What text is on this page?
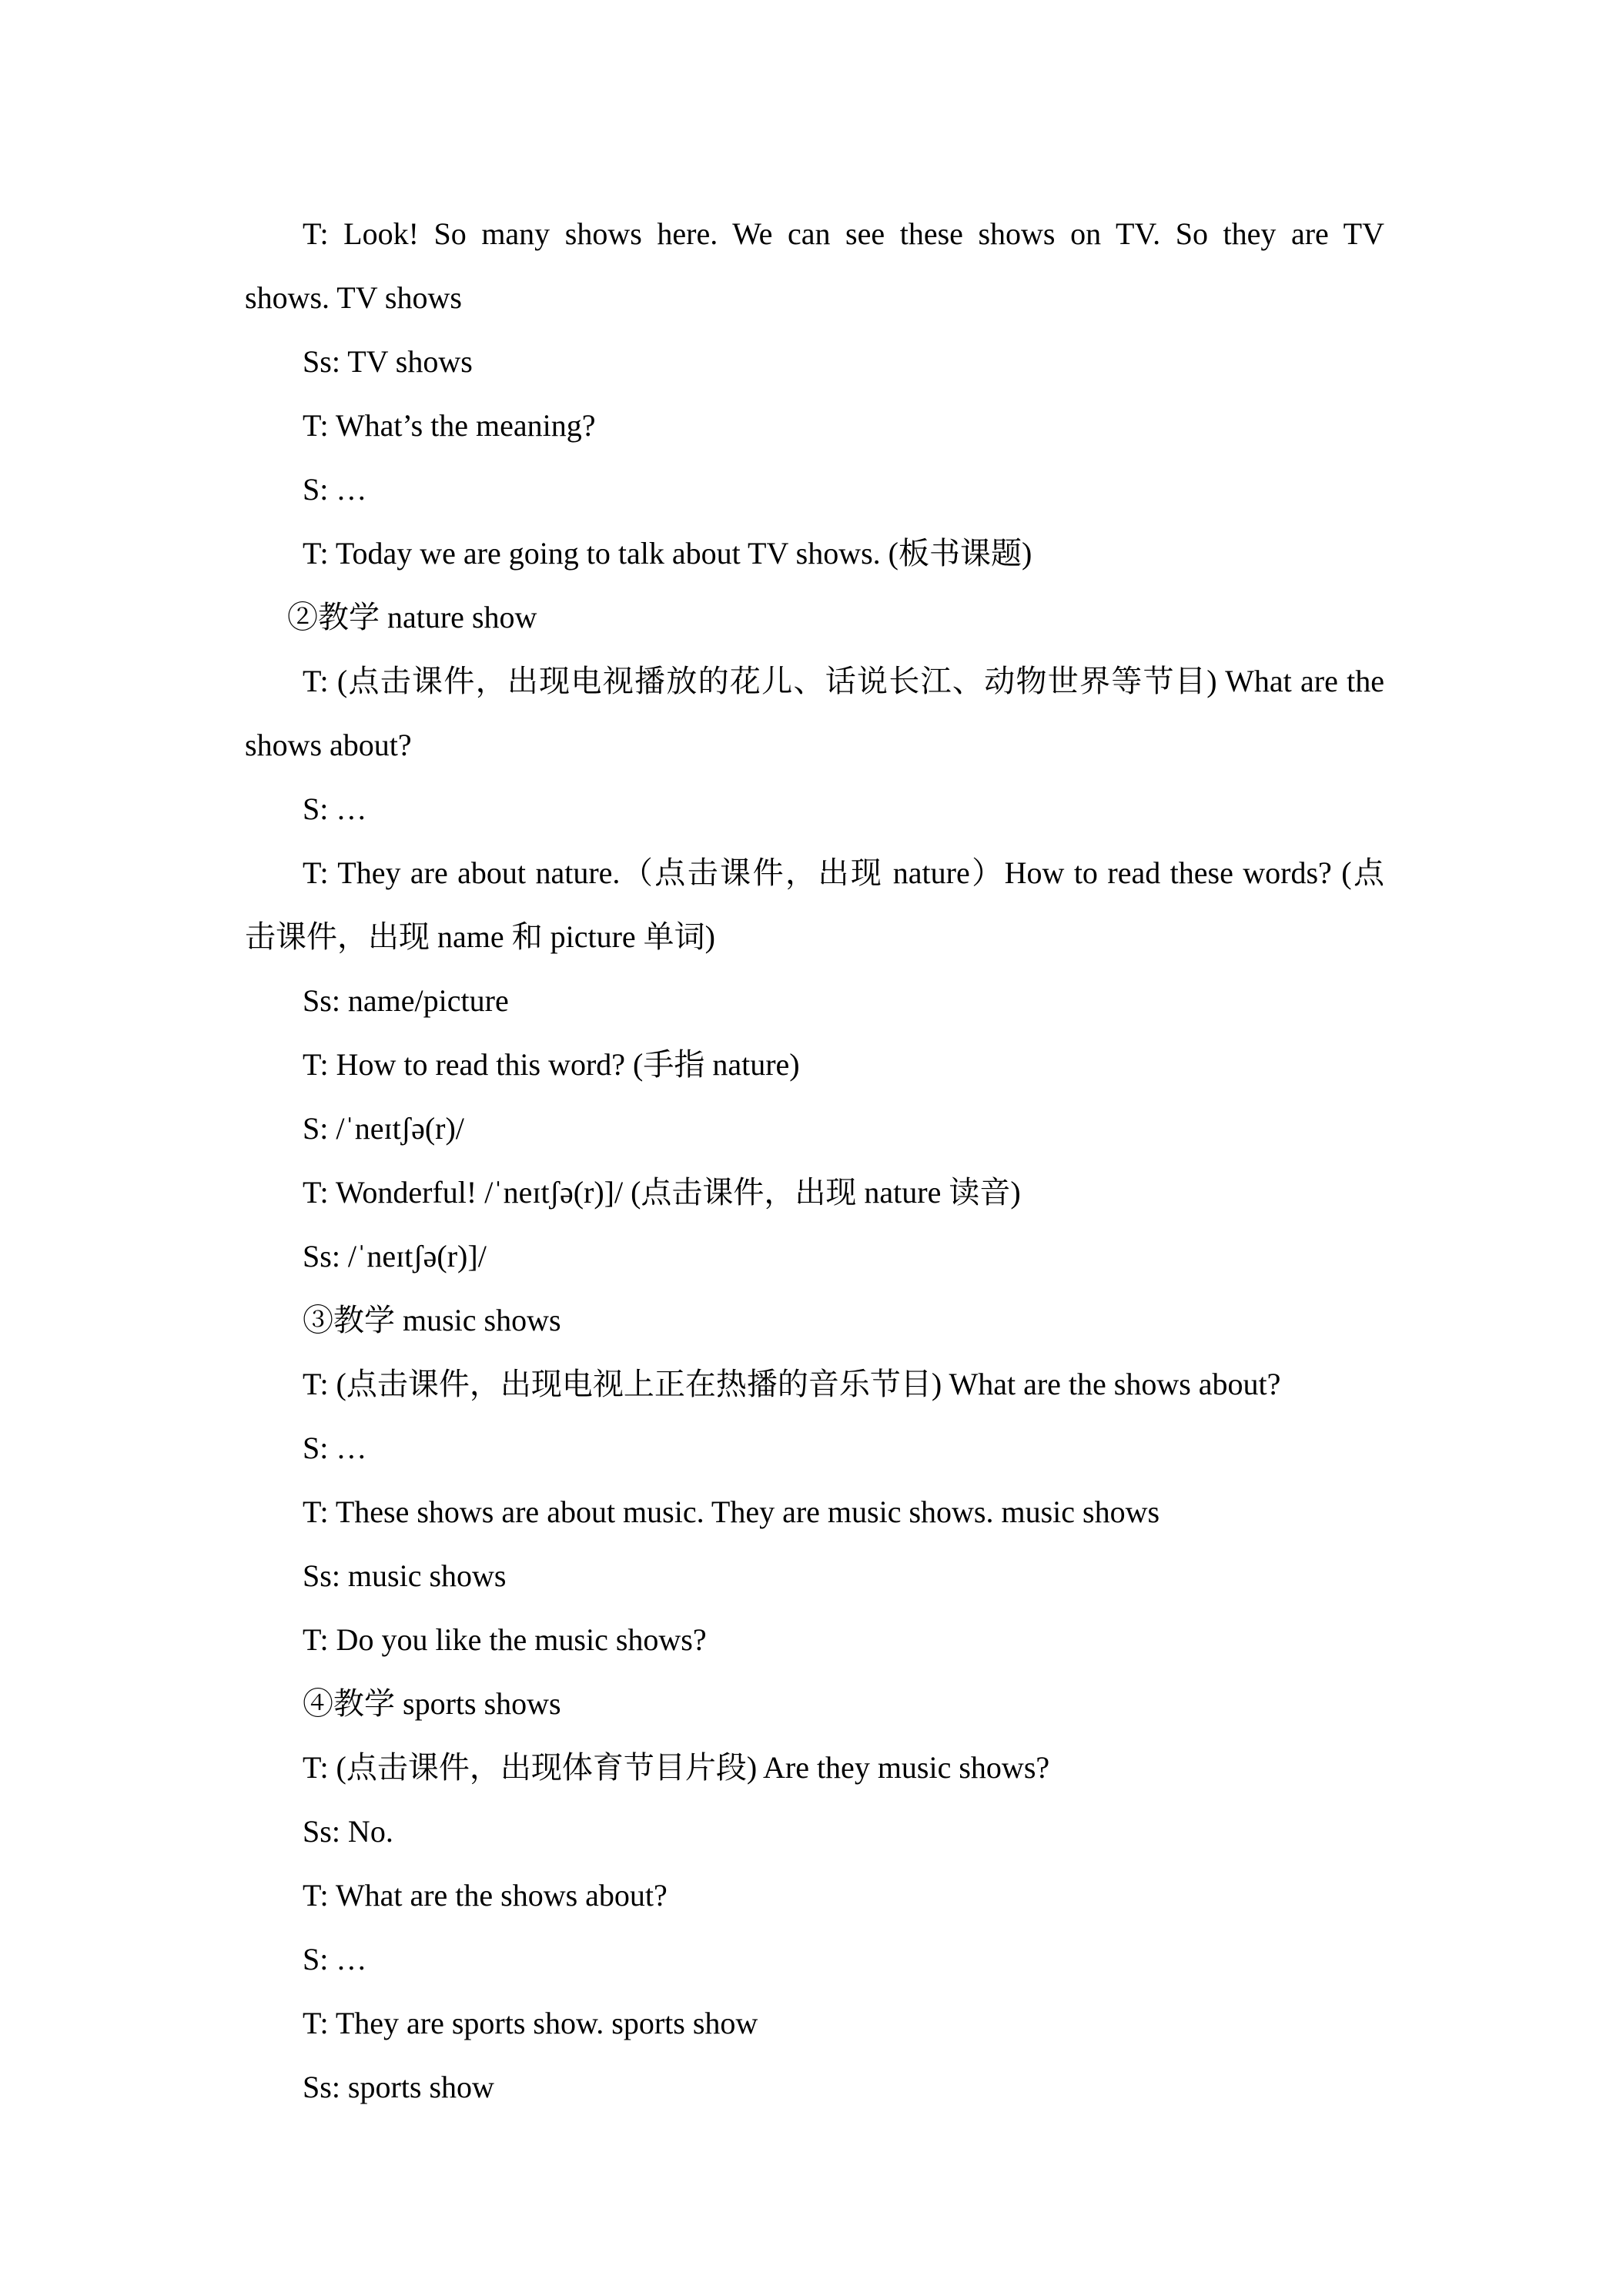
T: Look! So many shows here. We can see these shows on TV. So they are TV

shows. TV shows

Ss: TV shows

T: What’s the meaning?

S: …

T: Today we are going to talk about TV shows. (板书课题)

②教学 nature show

T: (点击课件，出现电视播放的花儿、话说长江、动物世界等节目) What are the

shows about?

S: …

T: They are about nature.（点击课件，出现 nature）How to read these words? (点

击课件，出现 name 和 picture 单词)

Ss: name/picture

T: How to read this word? (手指 nature)

S: /ˈneɪtʃə(r)/

T: Wonderful! /ˈneɪtʃə(r)]/ (点击课件，出现 nature 读音)

Ss: /ˈneɪtʃə(r)]/

③教学 music shows

T: (点击课件，出现电视上正在热播的音乐节目) What are the shows about?

S: …

T: These shows are about music. They are music shows. music shows

Ss: music shows

T: Do you like the music shows?

④教学 sports shows

T: (点击课件，出现体育节目片段) Are they music shows?

Ss: No.

T: What are the shows about?

S: …

T: They are sports show. sports show

Ss: sports show
